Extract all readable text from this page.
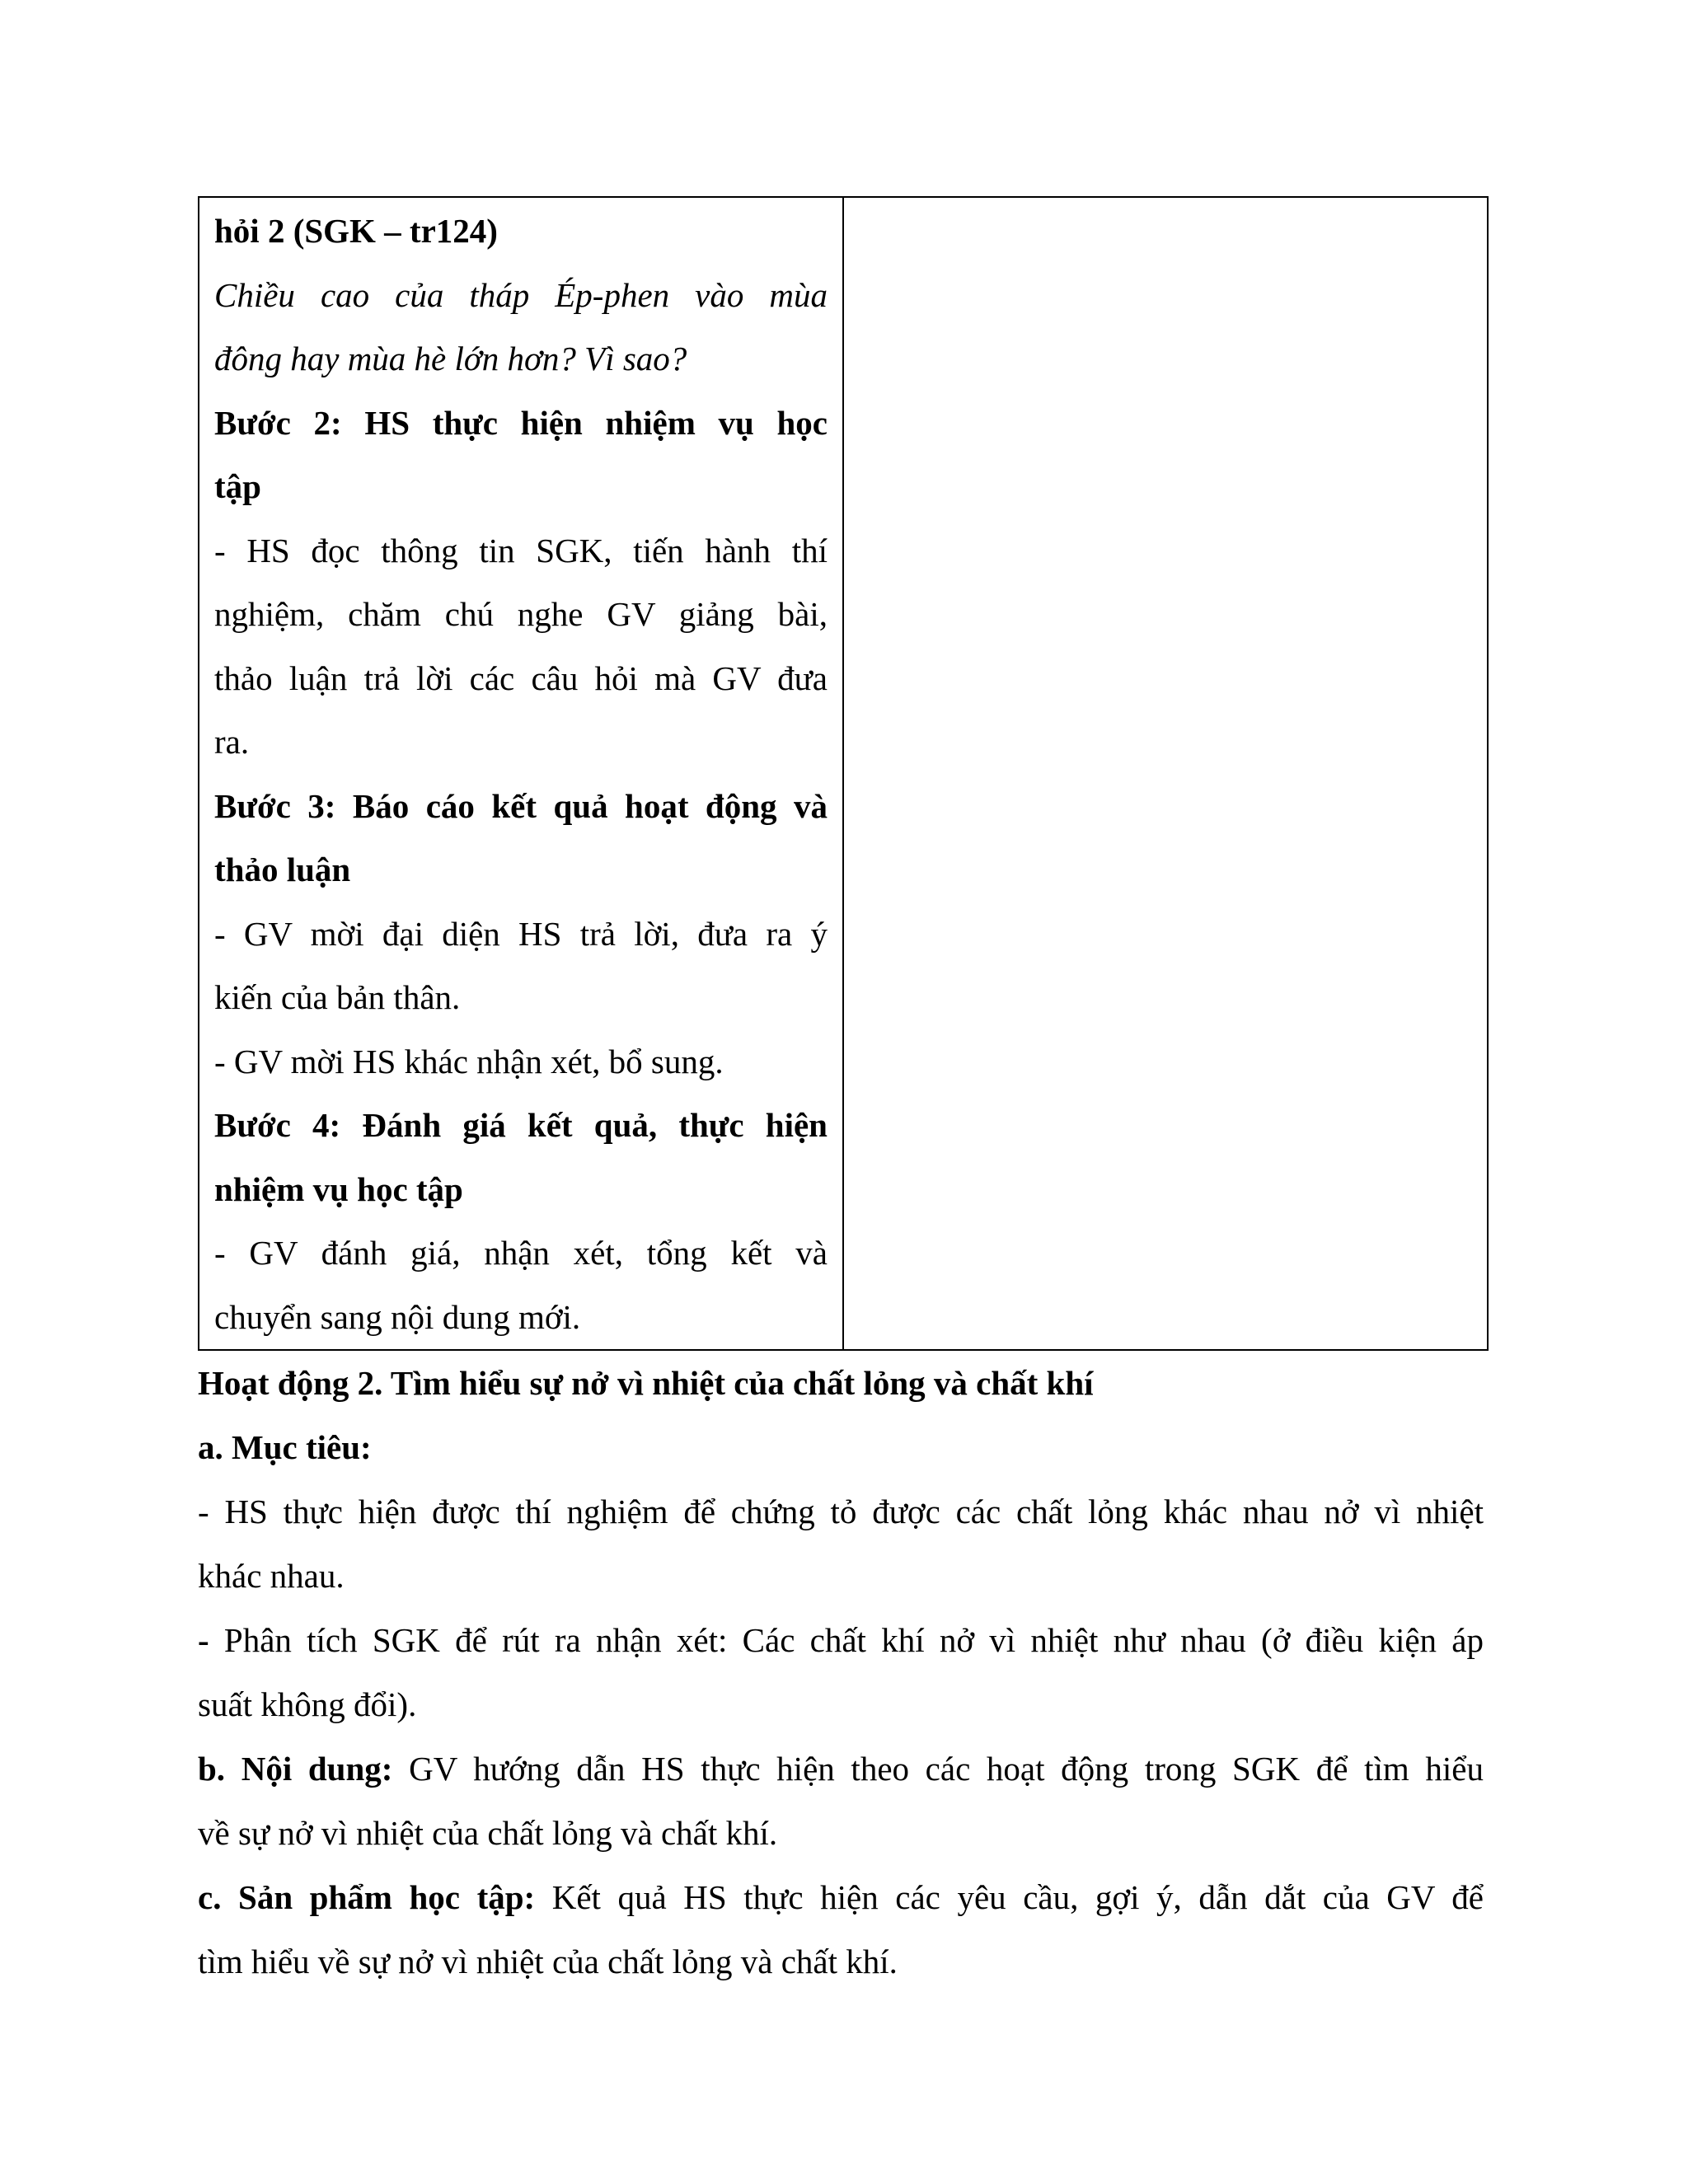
hỏi 2 (SGK – tr124)
Chiều cao của tháp Ép-phen vào mùa
đông hay mùa hè lớn hơn? Vì sao?
Bước 2: HS thực hiện nhiệm vụ học
tập
- HS đọc thông tin SGK, tiến hành thí
nghiệm, chăm chú nghe GV giảng bài,
thảo luận trả lời các câu hỏi mà GV đưa
ra.
Bước 3: Báo cáo kết quả hoạt động và
thảo luận
- GV mời đại diện HS trả lời, đưa ra ý
kiến của bản thân.
- GV mời HS khác nhận xét, bổ sung.
Bước 4: Đánh giá kết quả, thực hiện
nhiệm vụ học tập
- GV đánh giá, nhận xét, tổng kết và
chuyển sang nội dung mới.

Hoạt động 2. Tìm hiểu sự nở vì nhiệt của chất lỏng và chất khí
a. Mục tiêu:
- HS thực hiện được thí nghiệm để chứng tỏ được các chất lỏng khác nhau nở vì nhiệt
khác nhau.
- Phân tích SGK để rút ra nhận xét: Các chất khí nở vì nhiệt như nhau (ở điều kiện áp
suất không đổi).
b. Nội dung: GV hướng dẫn HS thực hiện theo các hoạt động trong SGK để tìm hiểu
về sự nở vì nhiệt của chất lỏng và chất khí.
c. Sản phẩm học tập: Kết quả HS thực hiện các yêu cầu, gợi ý, dẫn dắt của GV để
tìm hiểu về sự nở vì nhiệt của chất lỏng và chất khí.
